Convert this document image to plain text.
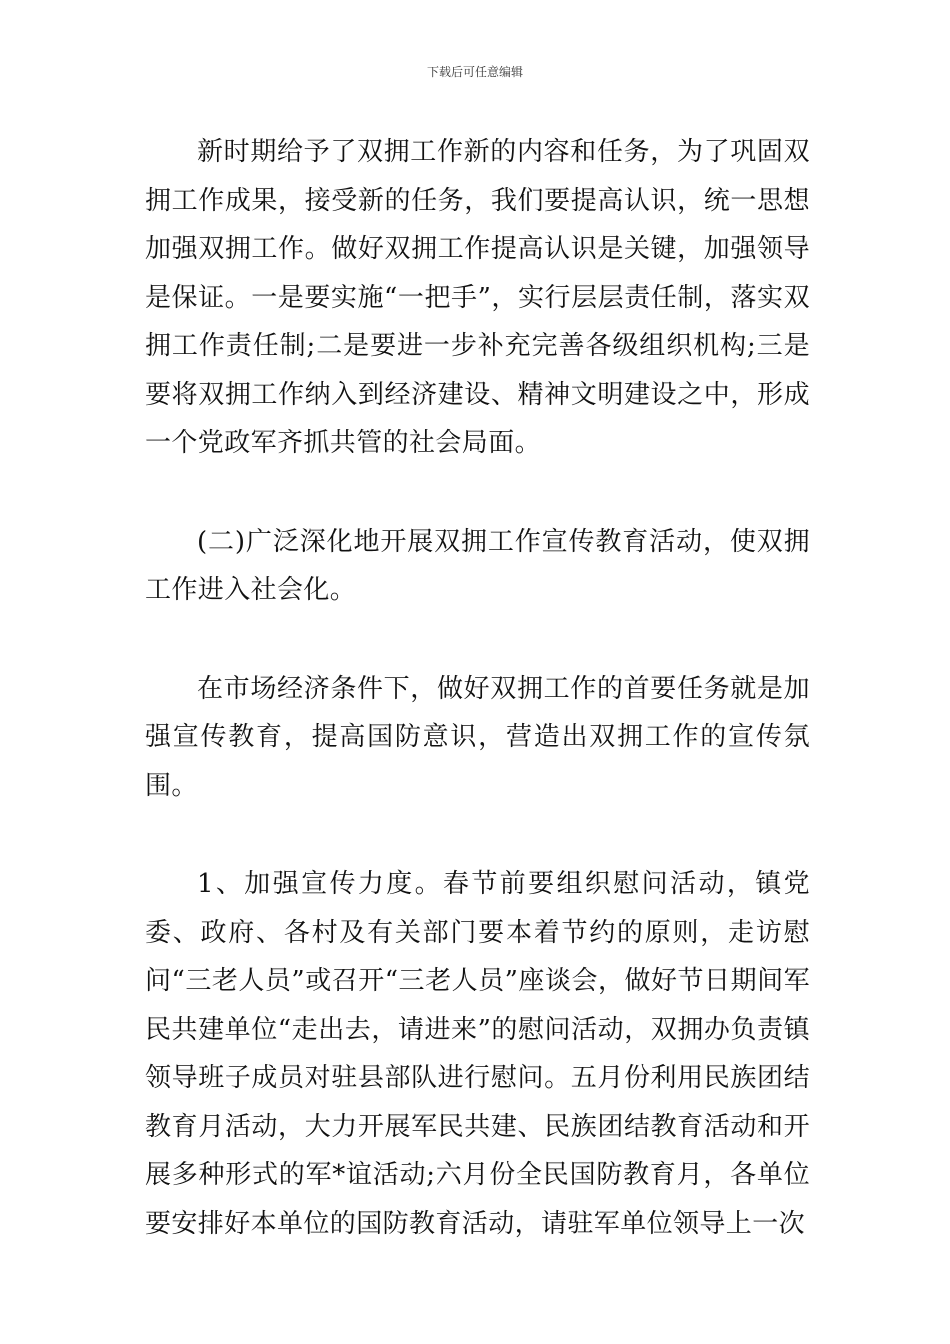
下载后可任意编辑

新时期给予了双拥工作新的内容和任务，为了巩固双拥工作成果，接受新的任务，我们要提高认识，统一思想加强双拥工作。做好双拥工作提高认识是关键，加强领导是保证。一是要实施“一把手”，实行层层责任制，落实双拥工作责任制;二是要进一步补充完善各级组织机构;三是要将双拥工作纳入到经济建设、精神文明建设之中，形成一个党政军齐抓共管的社会局面。

(二)广泛深化地开展双拥工作宣传教育活动，使双拥工作进入社会化。

在市场经济条件下，做好双拥工作的首要任务就是加强宣传教育，提高国防意识，营造出双拥工作的宣传氛围。

1、加强宣传力度。春节前要组织慰问活动，镇党委、政府、各村及有关部门要本着节约的原则，走访慰问“三老人员”或召开“三老人员”座谈会，做好节日期间军民共建单位“走出去，请进来”的慰问活动，双拥办负责镇领导班子成员对驻县部队进行慰问。五月份利用民族团结教育月活动，大力开展军民共建、民族团结教育活动和开展多种形式的军*谊活动;六月份全民国防教育月，各单位要安排好本单位的国防教育活动，请驻军单位领导上一次
